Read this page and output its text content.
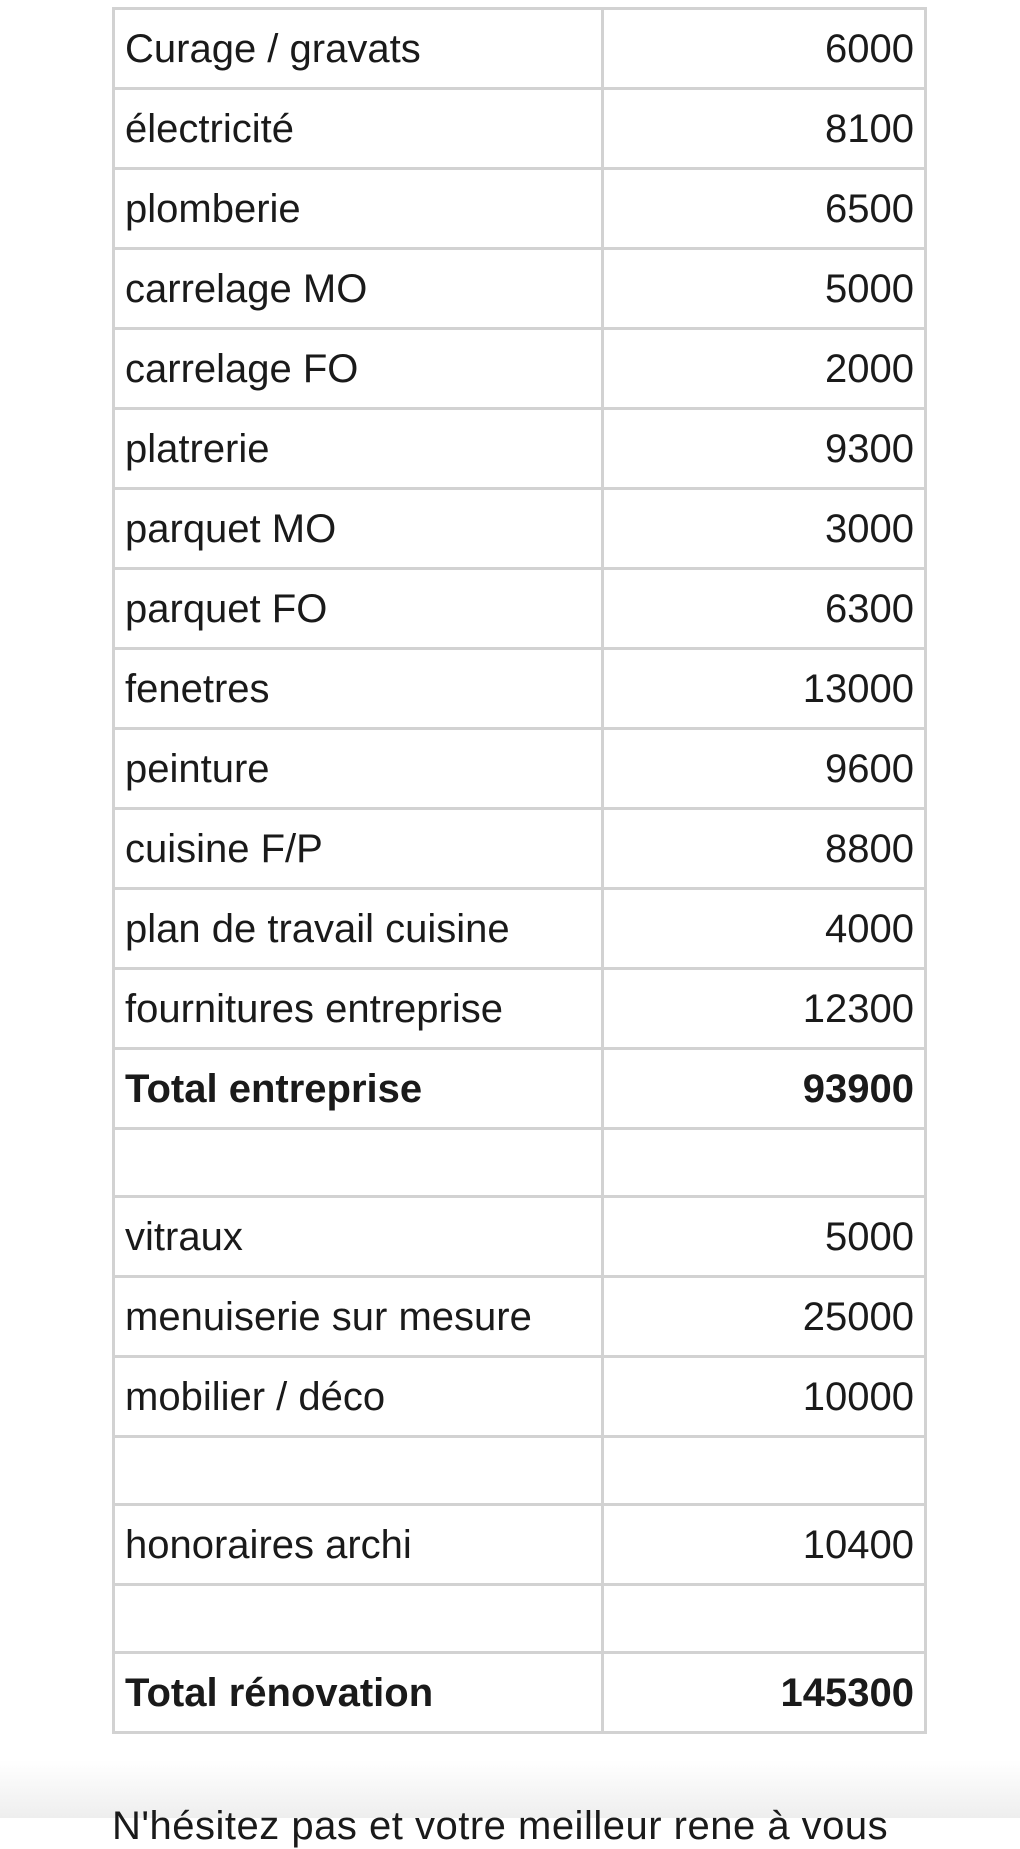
Curage / gravats	6000
électricité	8100
plomberie	6500
carrelage MO	5000
carrelage FO	2000
platrerie	9300
parquet MO	3000
parquet FO	6300
fenetres	13000
peinture	9600
cuisine F/P	8800
plan de travail cuisine	4000
fournitures entreprise	12300
Total entreprise	93900

vitraux	5000
menuiserie sur mesure	25000
mobilier / déco	10000

honoraires archi	10400

Total rénovation	145300
N'hésitez pas et votre meilleur rene à vous
